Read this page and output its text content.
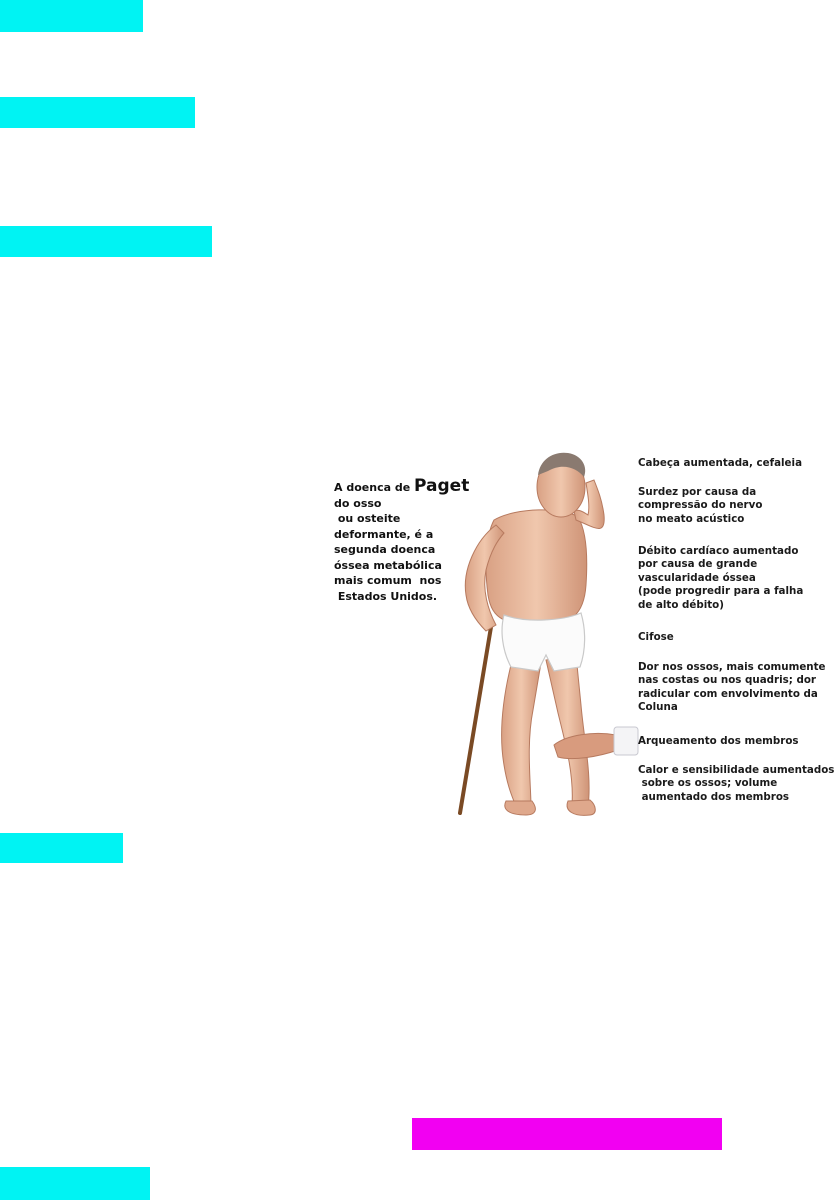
A doenca de Paget
do osso
ou osteite
deformante, é a
segunda doenca
óssea metabólica
mais comum  nos
Estados Unidos.
Cabeça aumentada, cefaleia
Surdez por causa da
compressão do nervo
no meato acústico
Débito cardíaco aumentado
por causa de grande
vascularidade óssea
(pode progredir para a falha
de alto débito)
Cifose
Dor nos ossos, mais comumente
nas costas ou nos quadris; dor
radicular com envolvimento da
Coluna
Arqueamento dos membros
Calor e sensibilidade aumentados
sobre os ossos; volume
aumentado dos membros
